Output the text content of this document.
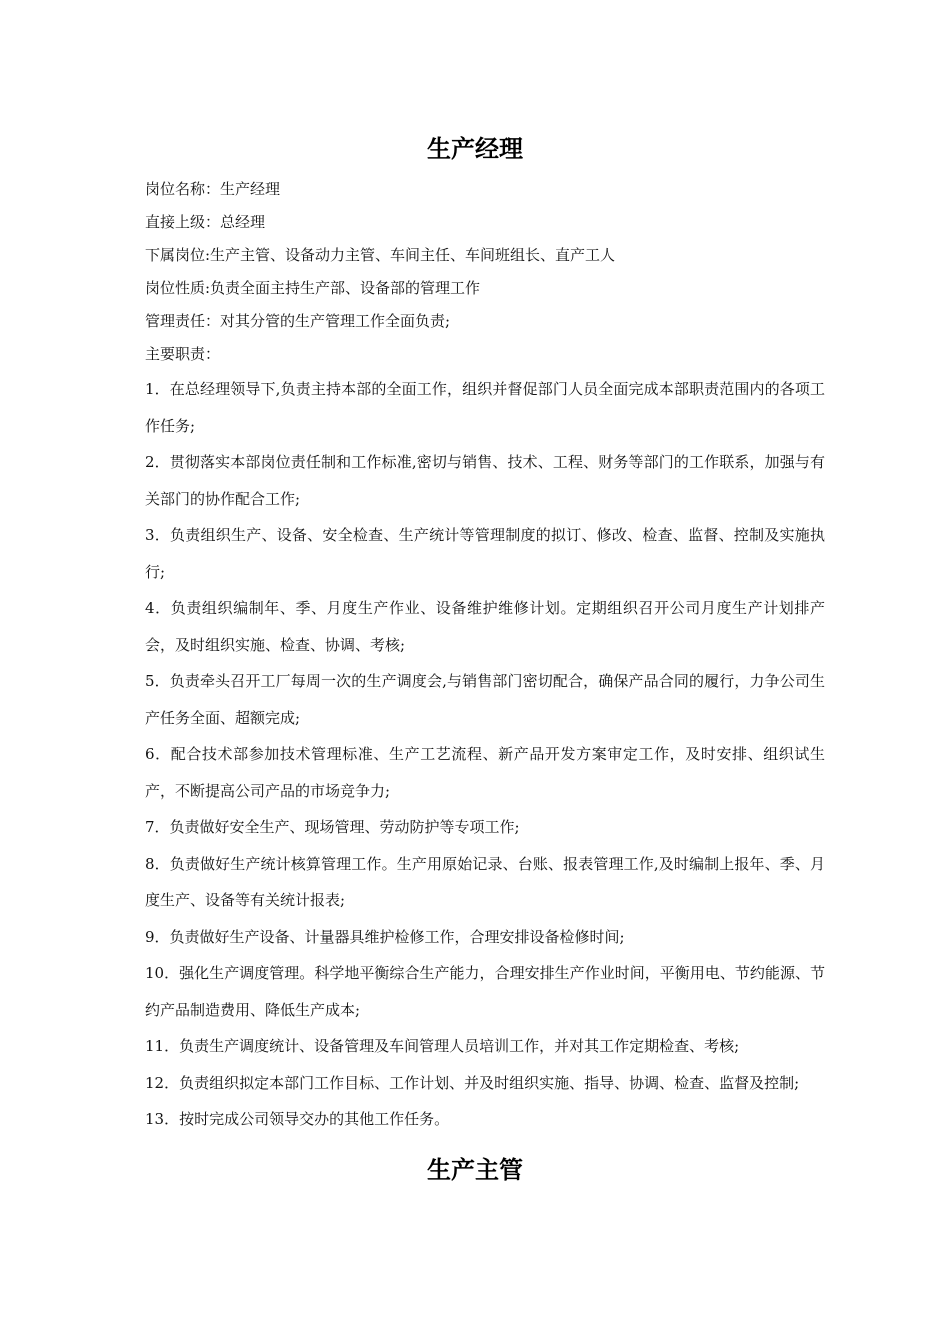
生产经理

岗位名称：生产经理

直接上级：总经理

下属岗位:生产主管、设备动力主管、车间主任、车间班组长、直产工人

岗位性质:负责全面主持生产部、设备部的管理工作

管理责任：对其分管的生产管理工作全面负责;

主要职责：

1．在总经理领导下,负责主持本部的全面工作，组织并督促部门人员全面完成本部职责范围内的各项工作任务;

2．贯彻落实本部岗位责任制和工作标准,密切与销售、技术、工程、财务等部门的工作联系，加强与有关部门的协作配合工作;

3．负责组织生产、设备、安全检查、生产统计等管理制度的拟订、修改、检查、监督、控制及实施执行;

4．负责组织编制年、季、月度生产作业、设备维护维修计划。定期组织召开公司月度生产计划排产会，及时组织实施、检查、协调、考核;

5．负责牵头召开工厂每周一次的生产调度会,与销售部门密切配合，确保产品合同的履行，力争公司生产任务全面、超额完成;

6．配合技术部参加技术管理标准、生产工艺流程、新产品开发方案审定工作，及时安排、组织试生产，不断提高公司产品的市场竞争力;

7．负责做好安全生产、现场管理、劳动防护等专项工作;

8．负责做好生产统计核算管理工作。生产用原始记录、台账、报表管理工作,及时编制上报年、季、月度生产、设备等有关统计报表;

9．负责做好生产设备、计量器具维护检修工作，合理安排设备检修时间;

10．强化生产调度管理。科学地平衡综合生产能力，合理安排生产作业时间，平衡用电、节约能源、节约产品制造费用、降低生产成本;

11．负责生产调度统计、设备管理及车间管理人员培训工作，并对其工作定期检查、考核;

12．负责组织拟定本部门工作目标、工作计划、并及时组织实施、指导、协调、检查、监督及控制;

13．按时完成公司领导交办的其他工作任务。

生产主管
